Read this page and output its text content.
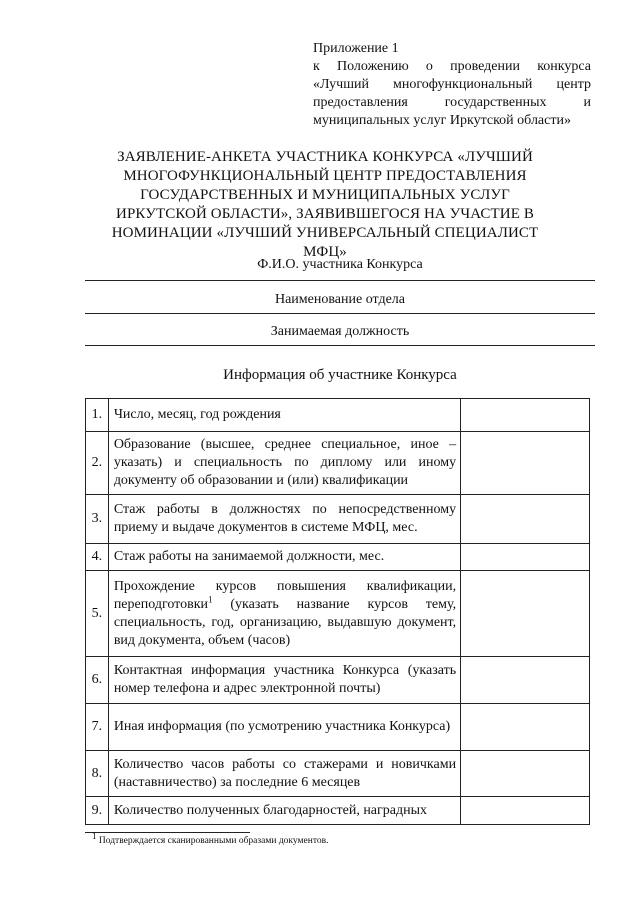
Приложение 1
к Положению о проведении конкурса «Лучший многофункциональный центр предоставления государственных и муниципальных услуг Иркутской области»
ЗАЯВЛЕНИЕ-АНКЕТА УЧАСТНИКА КОНКУРСА «ЛУЧШИЙ МНОГОФУНКЦИОНАЛЬНЫЙ ЦЕНТР ПРЕДОСТАВЛЕНИЯ ГОСУДАРСТВЕННЫХ И МУНИЦИПАЛЬНЫХ УСЛУГ ИРКУТСКОЙ ОБЛАСТИ», ЗАЯВИВШЕГОСЯ НА УЧАСТИЕ В НОМИНАЦИИ «ЛУЧШИЙ УНИВЕРСАЛЬНЫЙ СПЕЦИАЛИСТ МФЦ»
Ф.И.О. участника Конкурса
Наименование отдела
Занимаемая должность
Информация об участнике Конкурса
1.	Число, месяц, год рождения	
2.	Образование (высшее, среднее специальное, иное – указать) и специальность по диплому или иному документу об образовании и (или) квалификации	
3.	Стаж работы в должностях по непосредственному приему и выдаче документов в системе МФЦ, мес.	
4.	Стаж работы на занимаемой должности, мес.	
5.	Прохождение курсов повышения квалификации, переподготовки$^1$ (указать название курсов тему, специальность, год, организацию, выдавшую документ, вид документа, объем (часов)	
6.	Контактная информация участника Конкурса (указать номер телефона и адрес электронной почты)	
7.	Иная информация (по усмотрению участника Конкурса)	
8.	Количество часов работы со стажерами и новичками (наставничество) за последние 6 месяцев	
9.	Количество полученных благодарностей, наградных	
$^1$ Подтверждается сканированными образами документов.
